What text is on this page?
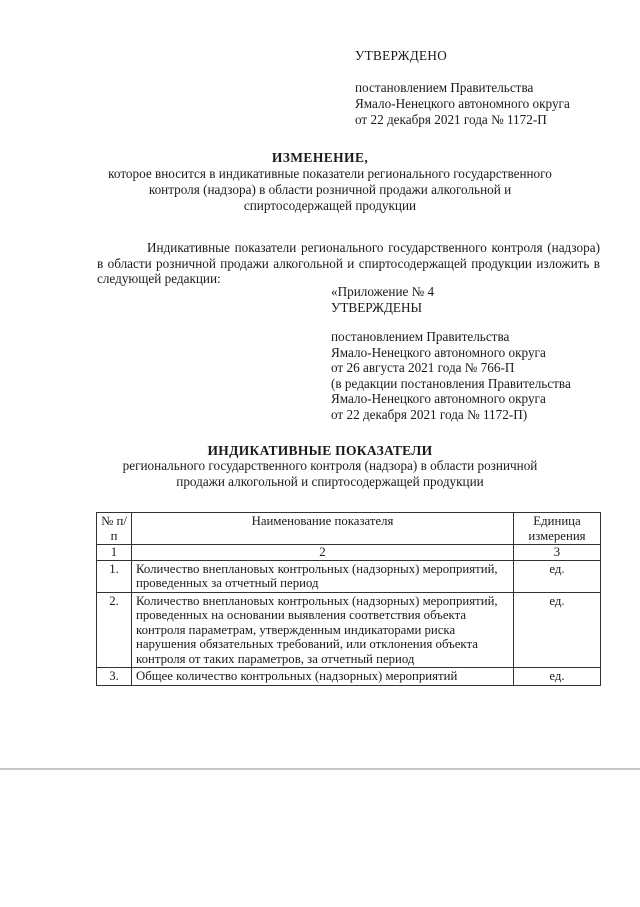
УТВЕРЖДЕНО
постановлением Правительства
Ямало-Ненецкого автономного округа
от 22 декабря 2021 года № 1172-П
ИЗМЕНЕНИЕ,
которое вносится в индикативные показатели регионального государственного
контроля (надзора) в области розничной продажи алкогольной и
спиртосодержащей продукции
Индикативные показатели регионального государственного контроля (надзора) в области розничной продажи алкогольной и спиртосодержащей продукции изложить в следующей редакции:
«Приложение № 4
УТВЕРЖДЕНЫ
постановлением Правительства
Ямало-Ненецкого автономного округа
от 26 августа 2021 года № 766-П
(в редакции постановления Правительства
Ямало-Ненецкого автономного округа
от 22 декабря 2021 года № 1172-П)
ИНДИКАТИВНЫЕ ПОКАЗАТЕЛИ
регионального государственного контроля (надзора) в области розничной
продажи алкогольной и спиртосодержащей продукции
№ п/п	Наименование показателя	Единица измерения
1	2	3
1.	Количество внеплановых контрольных (надзорных) мероприятий, проведенных за отчетный период	ед.
2.	Количество внеплановых контрольных (надзорных) мероприятий, проведенных на основании выявления соответствия объекта контроля параметрам, утвержденным индикаторами риска нарушения обязательных требований, или отклонения объекта контроля от таких параметров, за отчетный период	ед.
3.	Общее количество контрольных (надзорных) мероприятий	ед.
